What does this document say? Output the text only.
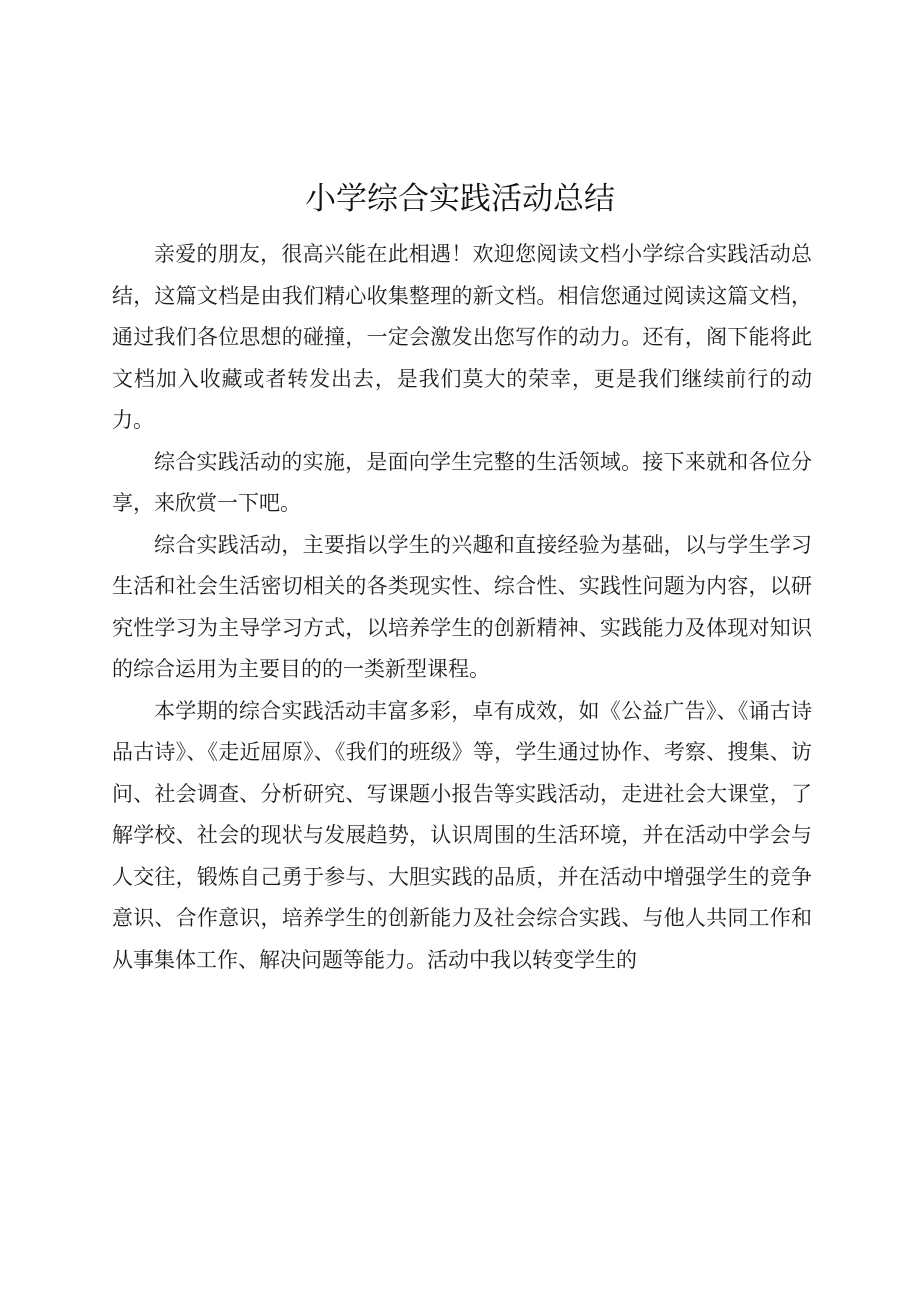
小学综合实践活动总结

亲爱的朋友，很高兴能在此相遇！欢迎您阅读文档小学综合实践活动总结，这篇文档是由我们精心收集整理的新文档。相信您通过阅读这篇文档，通过我们各位思想的碰撞，一定会激发出您写作的动力。还有，阁下能将此文档加入收藏或者转发出去，是我们莫大的荣幸，更是我们继续前行的动力。

综合实践活动的实施，是面向学生完整的生活领域。接下来就和各位分享，来欣赏一下吧。

综合实践活动，主要指以学生的兴趣和直接经验为基础，以与学生学习生活和社会生活密切相关的各类现实性、综合性、实践性问题为内容，以研究性学习为主导学习方式，以培养学生的创新精神、实践能力及体现对知识的综合运用为主要目的的一类新型课程。

本学期的综合实践活动丰富多彩，卓有成效，如《公益广告》、《诵古诗品古诗》、《走近屈原》、《我们的班级》等，学生通过协作、考察、搜集、访问、社会调查、分析研究、写课题小报告等实践活动，走进社会大课堂，了解学校、社会的现状与发展趋势，认识周围的生活环境，并在活动中学会与人交往，锻炼自己勇于参与、大胆实践的品质，并在活动中增强学生的竞争意识、合作意识，培养学生的创新能力及社会综合实践、与他人共同工作和从事集体工作、解决问题等能力。活动中我以转变学生的
